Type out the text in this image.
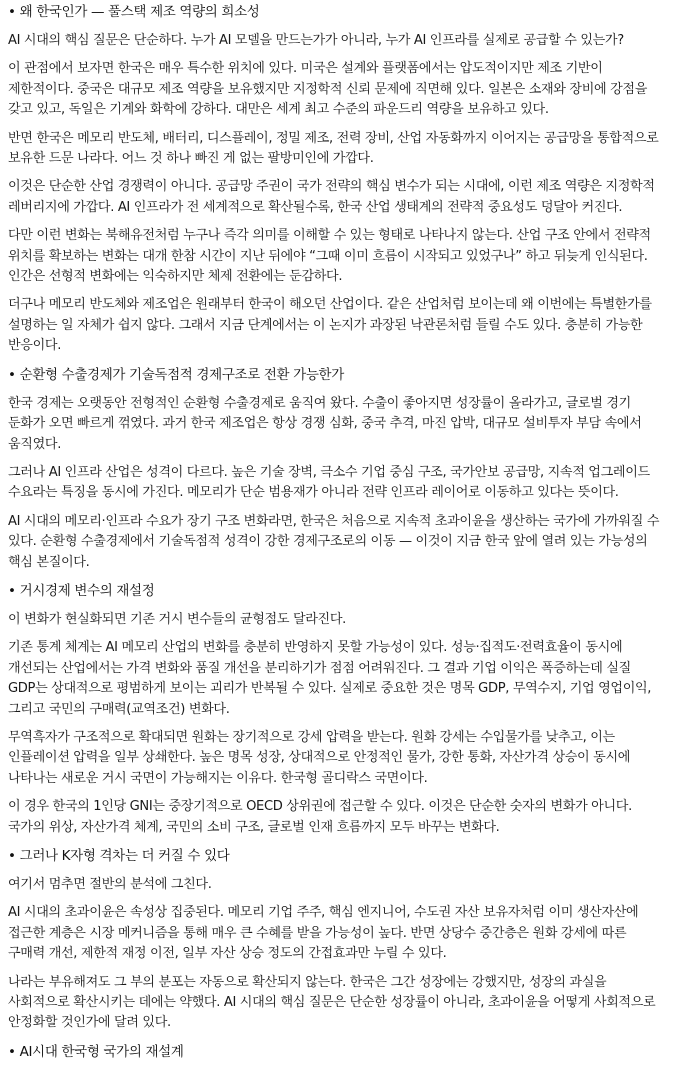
• 왜 한국인가 — 풀스택 제조 역량의 희소성
AI 시대의 핵심 질문은 단순하다. 누가 AI 모델을 만드는가가 아니라, 누가 AI 인프라를 실제로 공급할 수 있는가?
이 관점에서 보자면 한국은 매우 특수한 위치에 있다. 미국은 설계와 플랫폼에서는 압도적이지만 제조 기반이 제한적이다. 중국은 대규모 제조 역량을 보유했지만 지정학적 신뢰 문제에 직면해 있다. 일본은 소재와 장비에 강점을 갖고 있고, 독일은 기계와 화학에 강하다. 대만은 세계 최고 수준의 파운드리 역량을 보유하고 있다.
반면 한국은 메모리 반도체, 배터리, 디스플레이, 정밀 제조, 전력 장비, 산업 자동화까지 이어지는 공급망을 통합적으로 보유한 드문 나라다. 어느 것 하나 빠진 게 없는 팔방미인에 가깝다.
이것은 단순한 산업 경쟁력이 아니다. 공급망 주권이 국가 전략의 핵심 변수가 되는 시대에, 이런 제조 역량은 지정학적 레버리지에 가깝다. AI 인프라가 전 세계적으로 확산될수록, 한국 산업 생태계의 전략적 중요성도 덩달아 커진다.
다만 이런 변화는 북해유전처럼 누구나 즉각 의미를 이해할 수 있는 형태로 나타나지 않는다. 산업 구조 안에서 전략적 위치를 확보하는 변화는 대개 한참 시간이 지난 뒤에야 “그때 이미 흐름이 시작되고 있었구나” 하고 뒤늦게 인식된다. 인간은 선형적 변화에는 익숙하지만 체제 전환에는 둔감하다.
더구나 메모리 반도체와 제조업은 원래부터 한국이 해오던 산업이다. 같은 산업처럼 보이는데 왜 이번에는 특별한가를 설명하는 일 자체가 쉽지 않다. 그래서 지금 단계에서는 이 논지가 과장된 낙관론처럼 들릴 수도 있다. 충분히 가능한 반응이다.
• 순환형 수출경제가 기술독점적 경제구조로 전환 가능한가
한국 경제는 오랫동안 전형적인 순환형 수출경제로 움직여 왔다. 수출이 좋아지면 성장률이 올라가고, 글로벌 경기 둔화가 오면 빠르게 꺾였다. 과거 한국 제조업은 항상 경쟁 심화, 중국 추격, 마진 압박, 대규모 설비투자 부담 속에서 움직였다.
그러나 AI 인프라 산업은 성격이 다르다. 높은 기술 장벽, 극소수 기업 중심 구조, 국가안보 공급망, 지속적 업그레이드 수요라는 특징을 동시에 가진다. 메모리가 단순 범용재가 아니라 전략 인프라 레이어로 이동하고 있다는 뜻이다.
AI 시대의 메모리·인프라 수요가 장기 구조 변화라면, 한국은 처음으로 지속적 초과이윤을 생산하는 국가에 가까워질 수 있다. 순환형 수출경제에서 기술독점적 성격이 강한 경제구조로의 이동 — 이것이 지금 한국 앞에 열려 있는 가능성의 핵심 본질이다.
• 거시경제 변수의 재설정
이 변화가 현실화되면 기존 거시 변수들의 균형점도 달라진다.
기존 통계 체계는 AI 메모리 산업의 변화를 충분히 반영하지 못할 가능성이 있다. 성능·집적도·전력효율이 동시에 개선되는 산업에서는 가격 변화와 품질 개선을 분리하기가 점점 어려워진다. 그 결과 기업 이익은 폭증하는데 실질 GDP는 상대적으로 평범하게 보이는 괴리가 반복될 수 있다. 실제로 중요한 것은 명목 GDP, 무역수지, 기업 영업이익, 그리고 국민의 구매력(교역조건) 변화다.
무역흑자가 구조적으로 확대되면 원화는 장기적으로 강세 압력을 받는다. 원화 강세는 수입물가를 낮추고, 이는 인플레이션 압력을 일부 상쇄한다. 높은 명목 성장, 상대적으로 안정적인 물가, 강한 통화, 자산가격 상승이 동시에 나타나는 새로운 거시 국면이 가능해지는 이유다. 한국형 골디락스 국면이다.
이 경우 한국의 1인당 GNI는 중장기적으로 OECD 상위권에 접근할 수 있다. 이것은 단순한 숫자의 변화가 아니다. 국가의 위상, 자산가격 체계, 국민의 소비 구조, 글로벌 인재 흐름까지 모두 바꾸는 변화다.
• 그러나 K자형 격차는 더 커질 수 있다
여기서 멈추면 절반의 분석에 그친다.
AI 시대의 초과이윤은 속성상 집중된다. 메모리 기업 주주, 핵심 엔지니어, 수도권 자산 보유자처럼 이미 생산자산에 접근한 계층은 시장 메커니즘을 통해 매우 큰 수혜를 받을 가능성이 높다. 반면 상당수 중간층은 원화 강세에 따른 구매력 개선, 제한적 재정 이전, 일부 자산 상승 정도의 간접효과만 누릴 수 있다.
나라는 부유해져도 그 부의 분포는 자동으로 확산되지 않는다. 한국은 그간 성장에는 강했지만, 성장의 과실을 사회적으로 확산시키는 데에는 약했다. AI 시대의 핵심 질문은 단순한 성장률이 아니라, 초과이윤을 어떻게 사회적으로 안정화할 것인가에 달려 있다.
• AI시대 한국형 국가의 재설계
